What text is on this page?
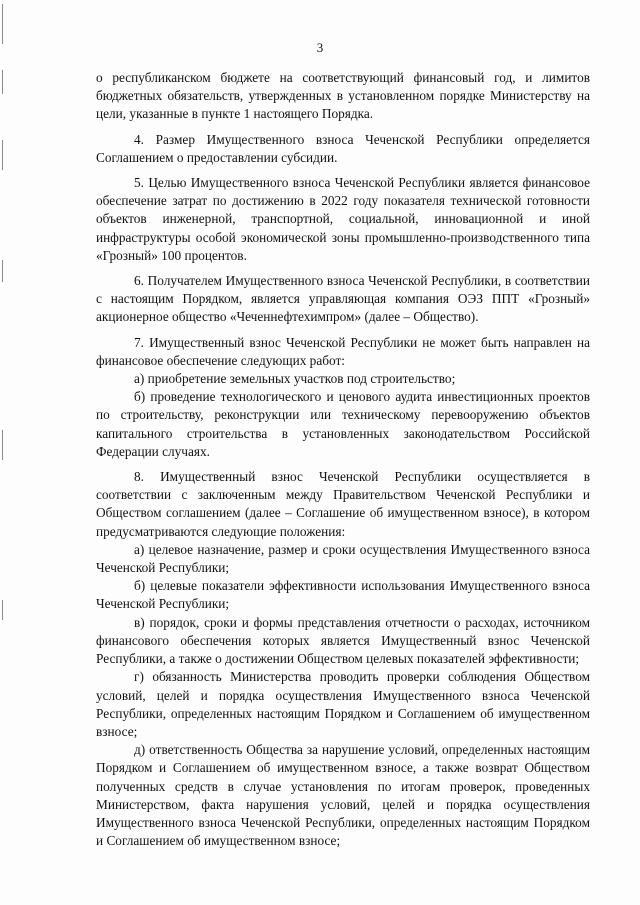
3

о республиканском бюджете на соответствующий финансовый год, и лимитов бюджетных обязательств, утвержденных в установленном порядке Министерству на цели, указанные в пункте 1 настоящего Порядка.

4. Размер Имущественного взноса Чеченской Республики определяется Соглашением о предоставлении субсидии.

5. Целью Имущественного взноса Чеченской Республики является финансовое обеспечение затрат по достижению в 2022 году показателя технической готовности объектов инженерной, транспортной, социальной, инновационной и иной инфраструктуры особой экономической зоны промышленно-производственного типа «Грозный» 100 процентов.

6. Получателем Имущественного взноса Чеченской Республики, в соответствии с настоящим Порядком, является управляющая компания ОЭЗ ППТ «Грозный» акционерное общество «Чеченнефтехимпром» (далее – Общество).

7. Имущественный взнос Чеченской Республики не может быть направлен на финансовое обеспечение следующих работ:

а) приобретение земельных участков под строительство;

б) проведение технологического и ценового аудита инвестиционных проектов по строительству, реконструкции или техническому перевооружению объектов капитального строительства в установленных законодательством Российской Федерации случаях.

8. Имущественный взнос Чеченской Республики осуществляется в соответствии с заключенным между Правительством Чеченской Республики и Обществом соглашением (далее – Соглашение об имущественном взносе), в котором предусматриваются следующие положения:

а) целевое назначение, размер и сроки осуществления Имущественного взноса Чеченской Республики;

б) целевые показатели эффективности использования Имущественного взноса Чеченской Республики;

в) порядок, сроки и формы представления отчетности о расходах, источником финансового обеспечения которых является Имущественный взнос Чеченской Республики, а также о достижении Обществом целевых показателей эффективности;

г) обязанность Министерства проводить проверки соблюдения Обществом условий, целей и порядка осуществления Имущественного взноса Чеченской Республики, определенных настоящим Порядком и Соглашением об имущественном взносе;

д) ответственность Общества за нарушение условий, определенных настоящим Порядком и Соглашением об имущественном взносе, а также возврат Обществом полученных средств в случае установления по итогам проверок, проведенных Министерством, факта нарушения условий, целей и порядка осуществления Имущественного взноса Чеченской Республики, определенных настоящим Порядком и Соглашением об имущественном взносе;
